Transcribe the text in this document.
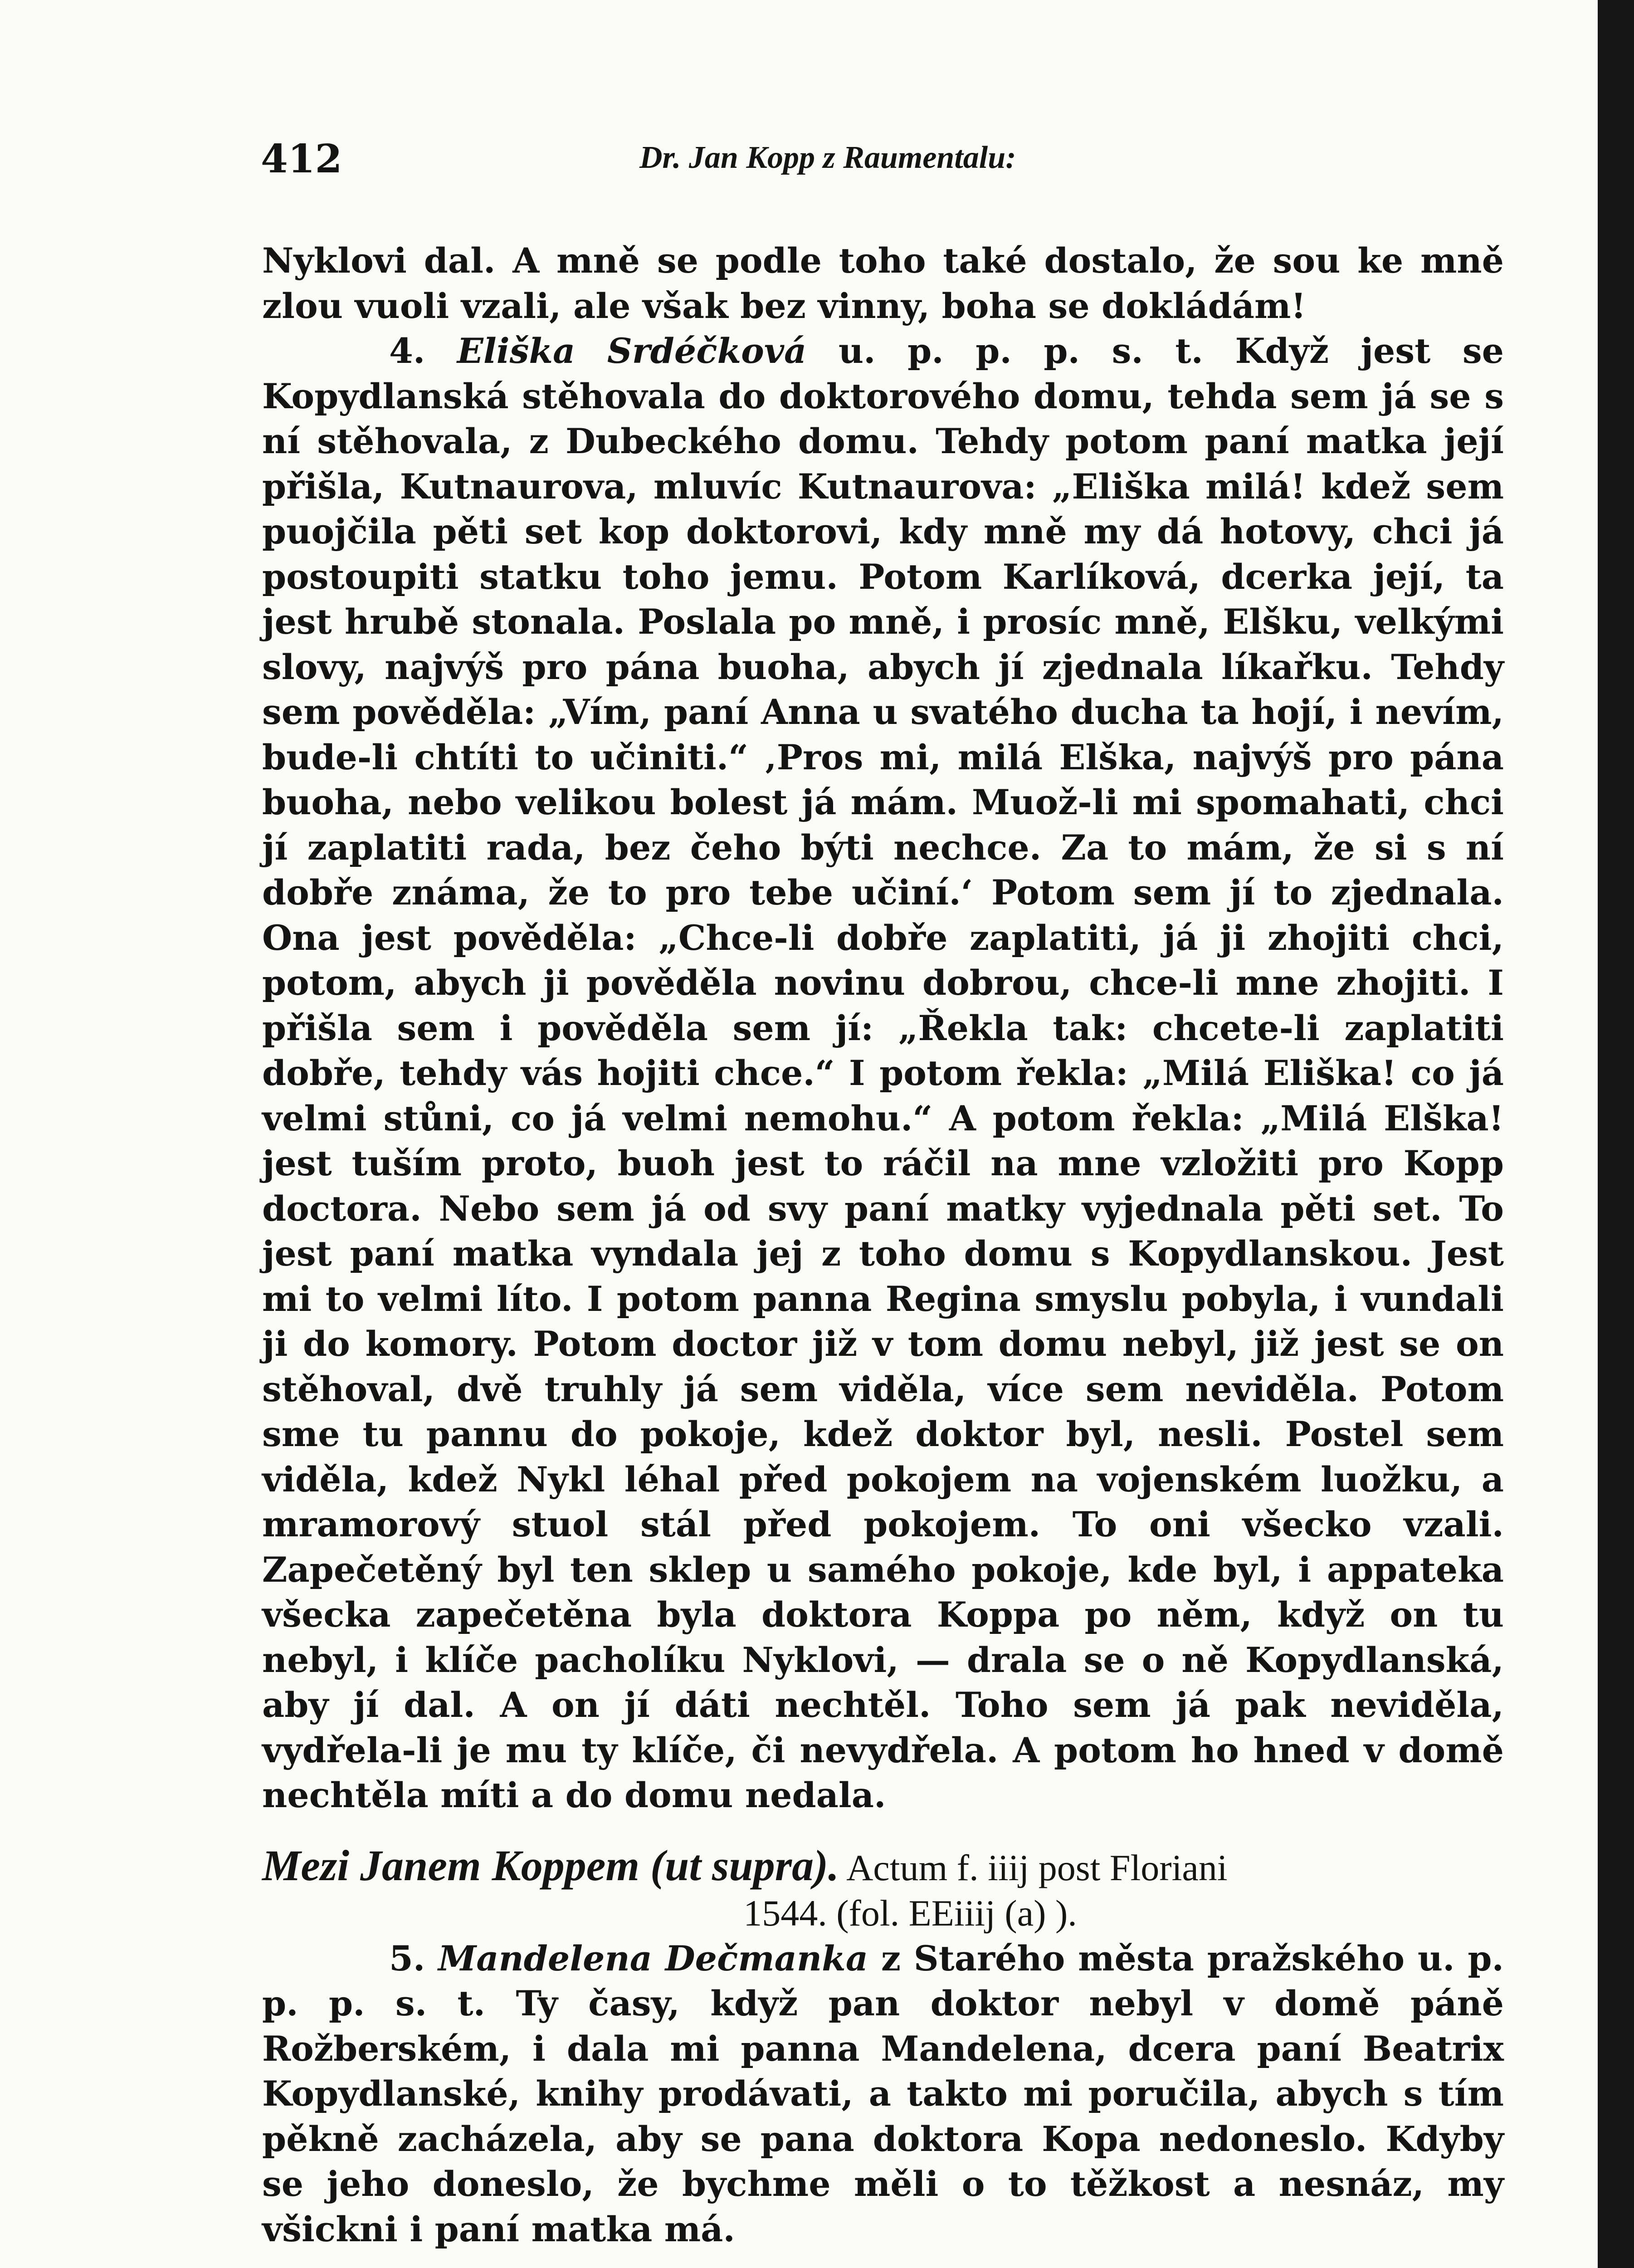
412	Dr. Jan Kopp z Raumentalu:

Nyklovi dal. A mně se podle toho také dostalo, že sou ke mně zlou vuoli vzali, ale však bez vinny, boha se dokládám!

4. Eliška Srdéčková u. p. p. p. s. t. Když jest se Kopydlanská stěhovala do doktorového domu, tehda sem já se s ní stěhovala, z Dubeckého domu. Tehdy potom paní matka její přišla, Kutnaurova, mluvíc Kutnaurova: „Eliška milá! kdež sem puojčila pěti set kop doktorovi, kdy mně my dá hotovy, chci já postoupiti statku toho jemu. Potom Karlíková, dcerka její, ta jest hrubě stonala. Poslala po mně, i prosíc mně, Elšku, velkými slovy, najvýš pro pána buoha, abych jí zjednala líkařku. Tehdy sem pověděla: „Vím, paní Anna u svatého ducha ta hojí, i nevím, bude-li chtíti to učiniti.“ ‚Pros mi, milá Elška, najvýš pro pána buoha, nebo velikou bolest já mám. Muož-li mi spomahati, chci jí zaplatiti rada, bez čeho býti nechce. Za to mám, že si s ní dobře známa, že to pro tebe učiní.‘ Potom sem jí to zjednala. Ona jest pověděla: „Chce-li dobře zaplatiti, já ji zhojiti chci, potom, abych ji pověděla novinu dobrou, chce-li mne zhojiti. I přišla sem i pověděla sem jí: „Řekla tak: chcete-li zaplatiti dobře, tehdy vás hojiti chce.“ I potom řekla: „Milá Eliška! co já velmi stůni, co já velmi nemohu.“ A potom řekla: „Milá Elška! jest tuším proto, buoh jest to ráčil na mne vzložiti pro Kopp doctora. Nebo sem já od svy paní matky vyjednala pěti set. To jest paní matka vyndala jej z toho domu s Kopydlanskou. Jest mi to velmi líto. I potom panna Regina smyslu pobyla, i vundali ji do komory. Potom doctor již v tom domu nebyl, již jest se on stěhoval, dvě truhly já sem viděla, více sem neviděla. Potom sme tu pannu do pokoje, kdež doktor byl, nesli. Postel sem viděla, kdež Nykl léhal před pokojem na vojenském luožku, a mramorový stuol stál před pokojem. To oni všecko vzali. Zapečetěný byl ten sklep u samého pokoje, kde byl, i appateka všecka zapečetěna byla doktora Koppa po něm, když on tu nebyl, i klíče pacholíku Nyklovi, — drala se o ně Kopydlanská, aby jí dal. A on jí dáti nechtěl. Toho sem já pak neviděla, vydřela-li je mu ty klíče, či nevydřela. A potom ho hned v domě nechtěla míti a do domu nedala.

Mezi Janem Koppem (ut supra). Actum f. iiij post Floriani
1544. (fol. EEiiij (a) ).

5. Mandelena Dečmanka z Starého města pražského u. p. p. p. s. t. Ty časy, když pan doktor nebyl v domě páně Rožberském, i dala mi panna Mandelena, dcera paní Beatrix Kopydlanské, knihy prodávati, a takto mi poručila, abych s tím pěkně zacházela, aby se pana doktora Kopa nedoneslo. Kdyby se jeho doneslo, že bychme měli o to těžkost a nesnáz, my všickni i paní matka má.
